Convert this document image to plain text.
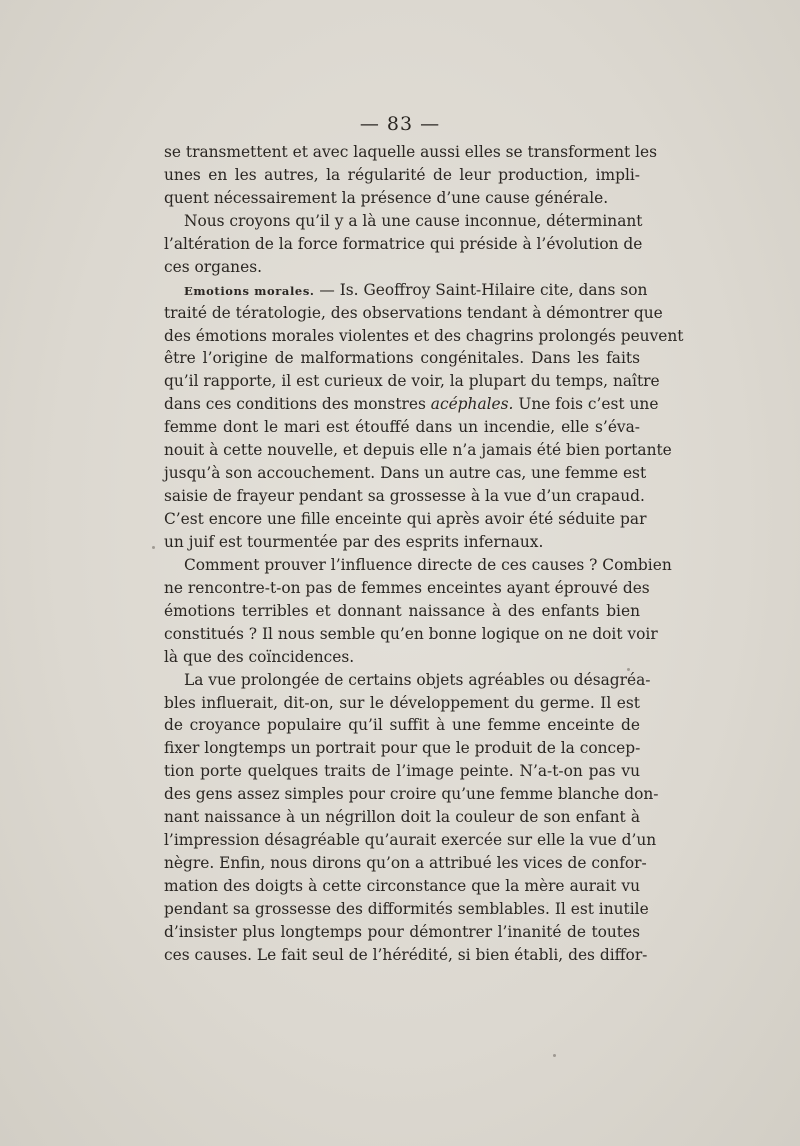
— 83 —
se transmettent et avec laquelle aussi elles se transforment les
unes en les autres, la régularité de leur production, impli-
quent nécessairement la présence d’une cause générale.
Nous croyons qu’il y a là une cause inconnue, déterminant
l’altération de la force formatrice qui préside à l’évolution de
ces organes.
Emotions morales. — Is. Geoffroy Saint-Hilaire cite, dans son
traité de tératologie, des observations tendant à démontrer que
des émotions morales violentes et des chagrins prolongés peuvent
être l’origine de malformations congénitales. Dans les faits
qu’il rapporte, il est curieux de voir, la plupart du temps, naître
dans ces conditions des monstres acéphales. Une fois c’est une
femme dont le mari est étouffé dans un incendie, elle s’éva-
nouit à cette nouvelle, et depuis elle n’a jamais été bien portante
jusqu’à son accouchement. Dans un autre cas, une femme est
saisie de frayeur pendant sa grossesse à la vue d’un crapaud.
C’est encore une fille enceinte qui après avoir été séduite par
un juif est tourmentée par des esprits infernaux.
Comment prouver l’influence directe de ces causes ? Combien
ne rencontre-t-on pas de femmes enceintes ayant éprouvé des
émotions terribles et donnant naissance à des enfants bien
constitués ? Il nous semble qu’en bonne logique on ne doit voir
là que des coïncidences.
La vue prolongée de certains objets agréables ou désagréa-
bles influerait, dit-on, sur le développement du germe. Il est
de croyance populaire qu’il suffit à une femme enceinte de
fixer longtemps un portrait pour que le produit de la concep-
tion porte quelques traits de l’image peinte. N’a-t-on pas vu
des gens assez simples pour croire qu’une femme blanche don-
nant naissance à un négrillon doit la couleur de son enfant à
l’impression désagréable qu’aurait exercée sur elle la vue d’un
nègre. Enfin, nous dirons qu’on a attribué les vices de confor-
mation des doigts à cette circonstance que la mère aurait vu
pendant sa grossesse des difformités semblables. Il est inutile
d’insister plus longtemps pour démontrer l’inanité de toutes
ces causes. Le fait seul de l’hérédité, si bien établi, des diffor-
